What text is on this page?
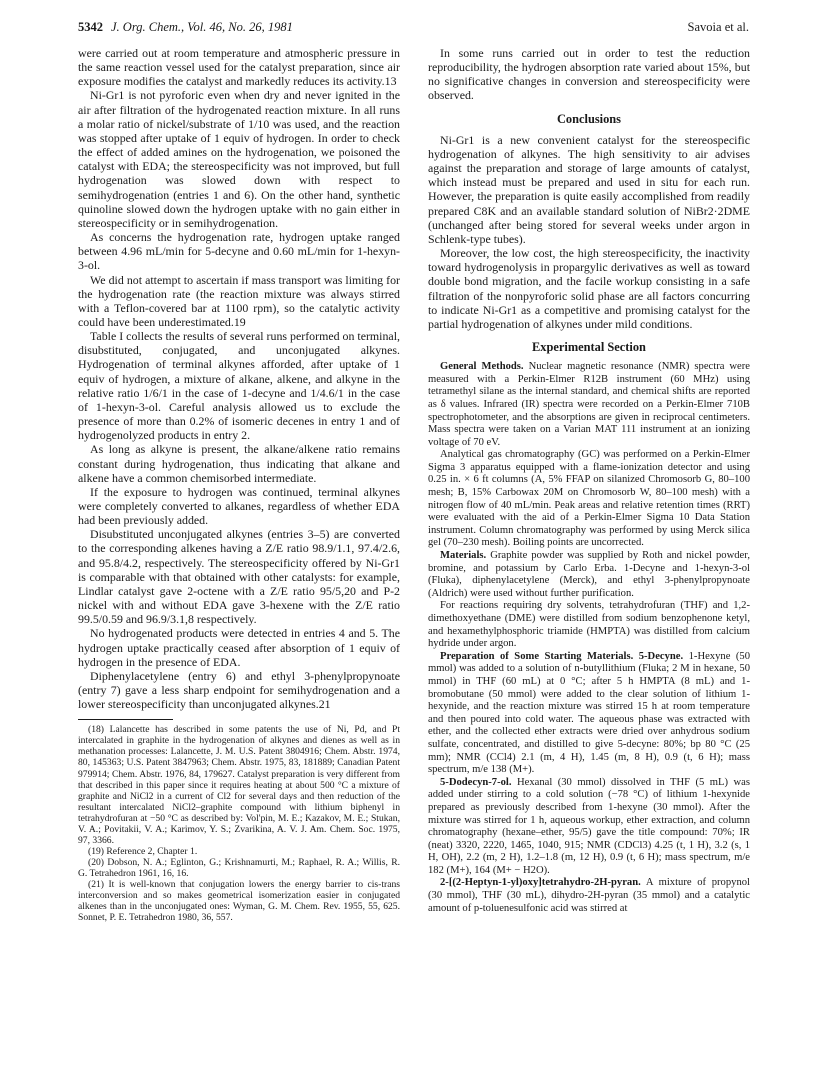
5342 J. Org. Chem., Vol. 46, No. 26, 1981	Savoia et al.

were carried out at room temperature and atmospheric pressure in the same reaction vessel used for the catalyst preparation, since air exposure modifies the catalyst and markedly reduces its activity.13

Ni-Gr1 is not pyroforic even when dry and never ignited in the air after filtration of the hydrogenated reaction mixture. In all runs a molar ratio of nickel/substrate of 1/10 was used, and the reaction was stopped after uptake of 1 equiv of hydrogen. In order to check the effect of added amines on the hydrogenation, we poisoned the catalyst with EDA; the stereospecificity was not improved, but full hydrogenation was slowed down with respect to semihydrogenation (entries 1 and 6). On the other hand, synthetic quinoline slowed down the hydrogen uptake with no gain either in stereospecificity or in semihydrogenation.

As concerns the hydrogenation rate, hydrogen uptake ranged between 4.96 mL/min for 5-decyne and 0.60 mL/min for 1-hexyn-3-ol.

We did not attempt to ascertain if mass transport was limiting for the hydrogenation rate (the reaction mixture was always stirred with a Teflon-covered bar at 1100 rpm), so the catalytic activity could have been underestimated.19

Table I collects the results of several runs performed on terminal, disubstituted, conjugated, and unconjugated alkynes. Hydrogenation of terminal alkynes afforded, after uptake of 1 equiv of hydrogen, a mixture of alkane, alkene, and alkyne in the relative ratio 1/6/1 in the case of 1-decyne and 1/4.6/1 in the case of 1-hexyn-3-ol. Careful analysis allowed us to exclude the presence of more than 0.2% of isomeric decenes in entry 1 and of hydrogenolyzed products in entry 2.

As long as alkyne is present, the alkane/alkene ratio remains constant during hydrogenation, thus indicating that alkane and alkene have a common chemisorbed intermediate.

If the exposure to hydrogen was continued, terminal alkynes were completely converted to alkanes, regardless of whether EDA had been previously added.

Disubstituted unconjugated alkynes (entries 3–5) are converted to the corresponding alkenes having a Z/E ratio 98.9/1.1, 97.4/2.6, and 95.8/4.2, respectively. The stereospecificity offered by Ni-Gr1 is comparable with that obtained with other catalysts: for example, Lindlar catalyst gave 2-octene with a Z/E ratio 95/5,20 and P-2 nickel with and without EDA gave 3-hexene with the Z/E ratio 99.5/0.59 and 96.9/3.1,8 respectively.

No hydrogenated products were detected in entries 4 and 5. The hydrogen uptake practically ceased after absorption of 1 equiv of hydrogen in the presence of EDA.

Diphenylacetylene (entry 6) and ethyl 3-phenylpropynoate (entry 7) gave a less sharp endpoint for semihydrogenation and a lower stereospecificity than unconjugated alkynes.21

(18) Lalancette has described in some patents the use of Ni, Pd, and Pt intercalated in graphite in the hydrogenation of alkynes and dienes as well as in methanation processes: Lalancette, J. M. U.S. Patent 3804916; Chem. Abstr. 1974, 80, 145363; U.S. Patent 3847963; Chem. Abstr. 1975, 83, 181889; Canadian Patent 979914; Chem. Abstr. 1976, 84, 179627. Catalyst preparation is very different from that described in this paper since it requires heating at about 500 °C a mixture of graphite and NiCl2 in a current of Cl2 for several days and then reduction of the resultant intercalated NiCl2–graphite compound with lithium biphenyl in tetrahydrofuran at −50 °C as described by: Vol'pin, M. E.; Kazakov, M. E.; Stukan, V. A.; Povitakii, V. A.; Karimov, Y. S.; Zvarikina, A. V. J. Am. Chem. Soc. 1975, 97, 3366.

(19) Reference 2, Chapter 1.

(20) Dobson, N. A.; Eglinton, G.; Krishnamurti, M.; Raphael, R. A.; Willis, R. G. Tetrahedron 1961, 16, 16.

(21) It is well-known that conjugation lowers the energy barrier to cis-trans interconversion and so makes geometrical isomerization easier in conjugated alkenes than in the unconjugated ones: Wyman, G. M. Chem. Rev. 1955, 55, 625. Sonnet, P. E. Tetrahedron 1980, 36, 557.

In some runs carried out in order to test the reduction reproducibility, the hydrogen absorption rate varied about 15%, but no significative changes in conversion and stereospecificity were observed.

Conclusions

Ni-Gr1 is a new convenient catalyst for the stereospecific hydrogenation of alkynes. The high sensitivity to air advises against the preparation and storage of large amounts of catalyst, which instead must be prepared and used in situ for each run. However, the preparation is quite easily accomplished from readily prepared C8K and an available standard solution of NiBr2·2DME (unchanged after being stored for several weeks under argon in Schlenk-type tubes).

Moreover, the low cost, the high stereospecificity, the inactivity toward hydrogenolysis in propargylic derivatives as well as toward double bond migration, and the facile workup consisting in a safe filtration of the nonpyroforic solid phase are all factors concurring to indicate Ni-Gr1 as a competitive and promising catalyst for the partial hydrogenation of alkynes under mild conditions.

Experimental Section

General Methods. Nuclear magnetic resonance (NMR) spectra were measured with a Perkin-Elmer R12B instrument (60 MHz) using tetramethyl silane as the internal standard, and chemical shifts are reported as δ values. Infrared (IR) spectra were recorded on a Perkin-Elmer 710B spectrophotometer, and the absorptions are given in reciprocal centimeters. Mass spectra were taken on a Varian MAT 111 instrument at an ionizing voltage of 70 eV.

Analytical gas chromatography (GC) was performed on a Perkin-Elmer Sigma 3 apparatus equipped with a flame-ionization detector and using 0.25 in. × 6 ft columns (A, 5% FFAP on silanized Chromosorb G, 80–100 mesh; B, 15% Carbowax 20M on Chromosorb W, 80–100 mesh) with a nitrogen flow of 40 mL/min. Peak areas and relative retention times (RRT) were evaluated with the aid of a Perkin-Elmer Sigma 10 Data Station instrument. Column chromatography was performed by using Merck silica gel (70–230 mesh). Boiling points are uncorrected.

Materials. Graphite powder was supplied by Roth and nickel powder, bromine, and potassium by Carlo Erba. 1-Decyne and 1-hexyn-3-ol (Fluka), diphenylacetylene (Merck), and ethyl 3-phenylpropynoate (Aldrich) were used without further purification.

For reactions requiring dry solvents, tetrahydrofuran (THF) and 1,2-dimethoxyethane (DME) were distilled from sodium benzophenone ketyl, and hexamethylphosphoric triamide (HMPTA) was distilled from calcium hydride under argon.

Preparation of Some Starting Materials. 5-Decyne. 1-Hexyne (50 mmol) was added to a solution of n-butyllithium (Fluka; 2 M in hexane, 50 mmol) in THF (60 mL) at 0 °C; after 5 h HMPTA (8 mL) and 1-bromobutane (50 mmol) were added to the clear solution of lithium 1-hexynide, and the reaction mixture was stirred 15 h at room temperature and then poured into cold water. The aqueous phase was extracted with ether, and the collected ether extracts were dried over anhydrous sodium sulfate, concentrated, and distilled to give 5-decyne: 80%; bp 80 °C (25 mm); NMR (CCl4) 2.1 (m, 4 H), 1.45 (m, 8 H), 0.9 (t, 6 H); mass spectrum, m/e 138 (M+).

5-Dodecyn-7-ol. Hexanal (30 mmol) dissolved in THF (5 mL) was added under stirring to a cold solution (−78 °C) of lithium 1-hexynide prepared as previously described from 1-hexyne (30 mmol). After the mixture was stirred for 1 h, aqueous workup, ether extraction, and column chromatography (hexane–ether, 95/5) gave the title compound: 70%; IR (neat) 3320, 2220, 1465, 1040, 915; NMR (CDCl3) 4.25 (t, 1 H), 3.2 (s, 1 H, OH), 2.2 (m, 2 H), 1.2–1.8 (m, 12 H), 0.9 (t, 6 H); mass spectrum, m/e 182 (M+), 164 (M+ − H2O).

2-[(2-Heptyn-1-yl)oxy]tetrahydro-2H-pyran. A mixture of propynol (30 mmol), THF (30 mL), dihydro-2H-pyran (35 mmol) and a catalytic amount of p-toluenesulfonic acid was stirred at
